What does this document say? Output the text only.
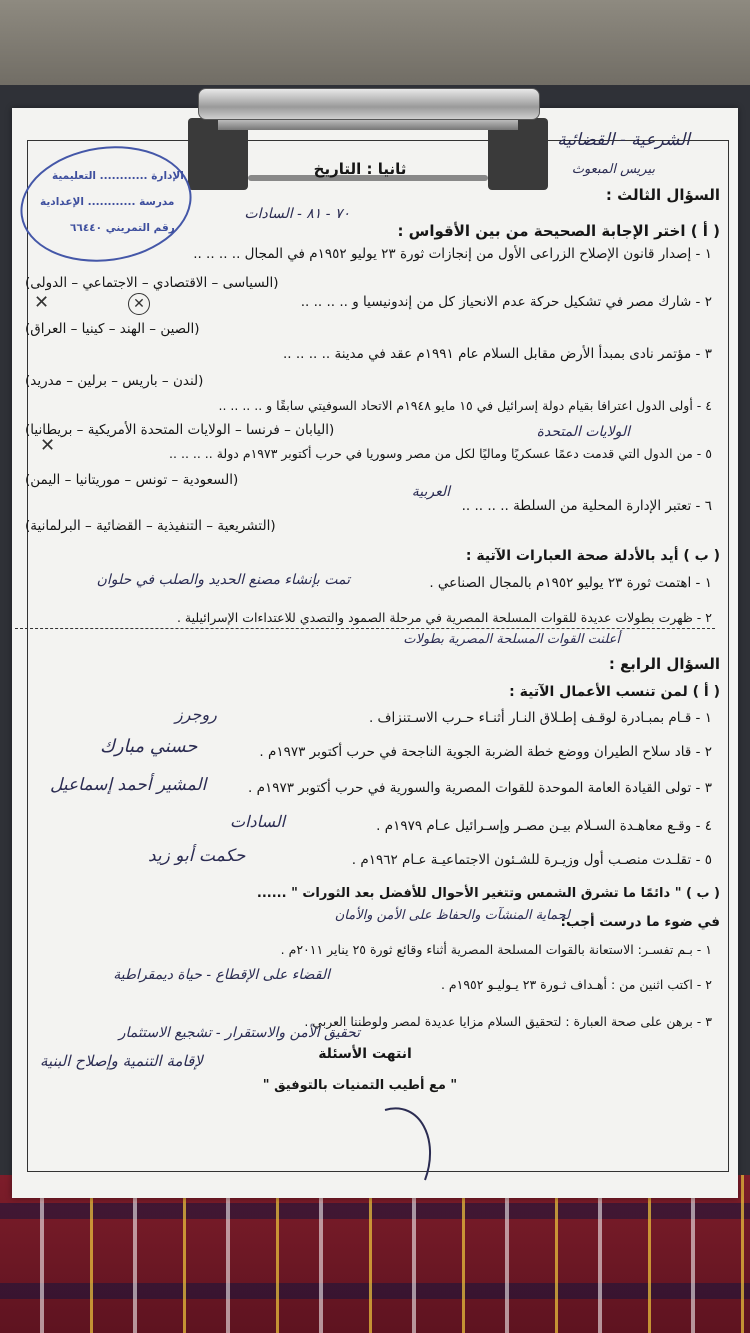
الإدارة ............ التعليمية
مدرسة ............ الإعدادية
رقم التمريني ٦٦٤٤٠
الشرعية - القضائية
بيريس المبعوث
٧٠ - ٨١ - السادات
ثانيا : التاريخ
السؤال الثالث :
( أ ) اختر الإجابة الصحيحة من بين الأقواس :
١ - إصدار قانون الإصلاح الزراعى الأول من إنجازات ثورة ٢٣ يوليو ١٩٥٢م في المجال .. .. .. ..
(السياسى – الاقتصادي – الاجتماعي – الدولى)
✕	✕	٢ - شارك مصر في تشكيل حركة عدم الانحياز كل من إندونيسيا و .. .. .. ..
(الصين – الهند – كينيا – العراق)
٣ - مؤتمر نادى بمبدأ الأرض مقابل السلام عام ١٩٩١م عقد في مدينة .. .. .. ..
(لندن – باريس – برلين – مدريد)
٤ - أولى الدول اعترافا بقيام دولة إسرائيل في ١٥ مايو ١٩٤٨م الاتحاد السوفيتي سابقًا و .. .. .. ..
(اليابان – فرنسا – الولايات المتحدة الأمريكية – بريطانيا)	الولايات المتحدة
✕	٥ - من الدول التي قدمت دعمًا عسكريًا وماليًا لكل من مصر وسوريا في حرب أكتوبر ١٩٧٣م دولة .. .. .. ..
(السعودية – تونس – موريتانيا – اليمن)
العربية
٦ - تعتبر الإدارة المحلية من السلطة .. .. .. ..
(التشريعية – التنفيذية – القضائية – البرلمانية)
( ب ) أيد بالأدلة صحة العبارات الآتية :
١ - اهتمت ثورة ٢٣ يوليو ١٩٥٢م بالمجال الصناعي .
تمت بإنشاء مصنع الحديد والصلب في حلوان
٢ - ظهرت بطولات عديدة للقوات المسلحة المصرية في مرحلة الصمود والتصدي للاعتداءات الإسرائيلية .
أعلنت القوات المسلحة المصرية بطولات
السؤال الرابع :
( أ ) لمن تنسب الأعمال الآتية :
١ - قـام بمبـادرة لوقـف إطـلاق النـار أثنـاء حـرب الاسـتنزاف .
روجرز
٢ - قاد سلاح الطيران ووضع خطة الضربة الجوية الناجحة في حرب أكتوبر ١٩٧٣م .
حسني مبارك
٣ - تولى القيادة العامة الموحدة للقوات المصرية والسورية في حرب أكتوبر ١٩٧٣م .
المشير أحمد إسماعيل
٤ - وقـع معاهـدة السـلام بيـن مصـر وإسـرائيل عـام ١٩٧٩م .
السادات
٥ - تقلـدت منصـب أول وزيـرة للشـئون الاجتماعيـة عـام ١٩٦٢م .
حكمت أبو زيد
( ب ) " دائمًا ما تشرق الشمس وتتغير الأحوال للأفضل بعد الثورات " ......
في ضوء ما درست أجب:
لحماية المنشآت والحفاظ على الأمن والأمان
١ - بـم تفسـر: الاستعانة بالقوات المسلحة المصرية أثناء وقائع ثورة ٢٥ يناير ٢٠١١م .
٢ - اكتب اثنين من : أهـداف ثـورة ٢٣ يـوليـو ١٩٥٢م .
القضاء على الإقطاع - حياة ديمقراطية
٣ - برهن على صحة العبارة : لتحقيق السلام مزايا عديدة لمصر ولوطننا العربي .
تحقيق الأمن والاستقرار - تشجيع الاستثمار
لإقامة التنمية وإصلاح البنية	انتهت الأسئلة
" مع أطيب التمنيات بالتوفيق "
